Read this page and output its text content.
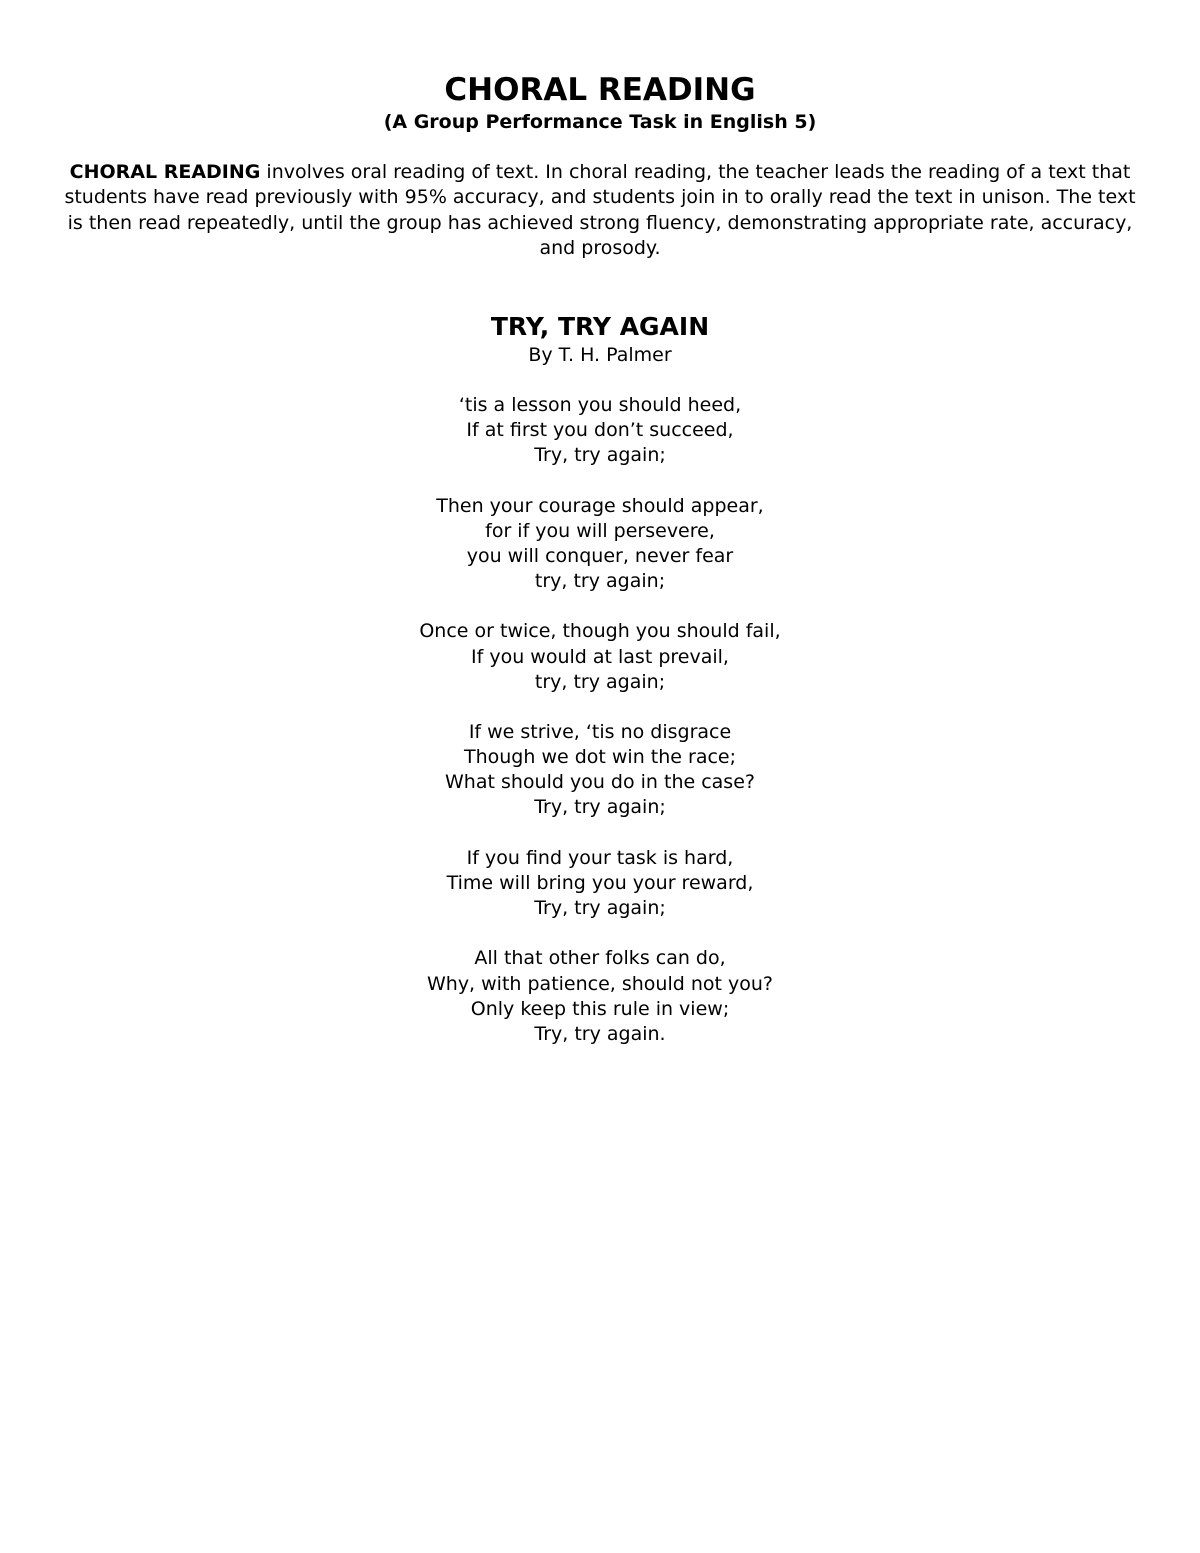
CHORAL READING
(A Group Performance Task in English 5)

CHORAL READING involves oral reading of text. In choral reading, the teacher leads the reading of a text that students have read previously with 95% accuracy, and students join in to orally read the text in unison. The text is then read repeatedly, until the group has achieved strong fluency, demonstrating appropriate rate, accuracy, and prosody.

TRY, TRY AGAIN
By T. H. Palmer
‘tis a lesson you should heed,
If at first you don’t succeed,
Try, try again;
Then your courage should appear,
for if you will persevere,
you will conquer, never fear
try, try again;
Once or twice, though you should fail,
If you would at last prevail,
try, try again;
If we strive, ‘tis no disgrace
Though we dot win the race;
What should you do in the case?
Try, try again;
If you find your task is hard,
Time will bring you your reward,
Try, try again;
All that other folks can do,
Why, with patience, should not you?
Only keep this rule in view;
Try, try again.
